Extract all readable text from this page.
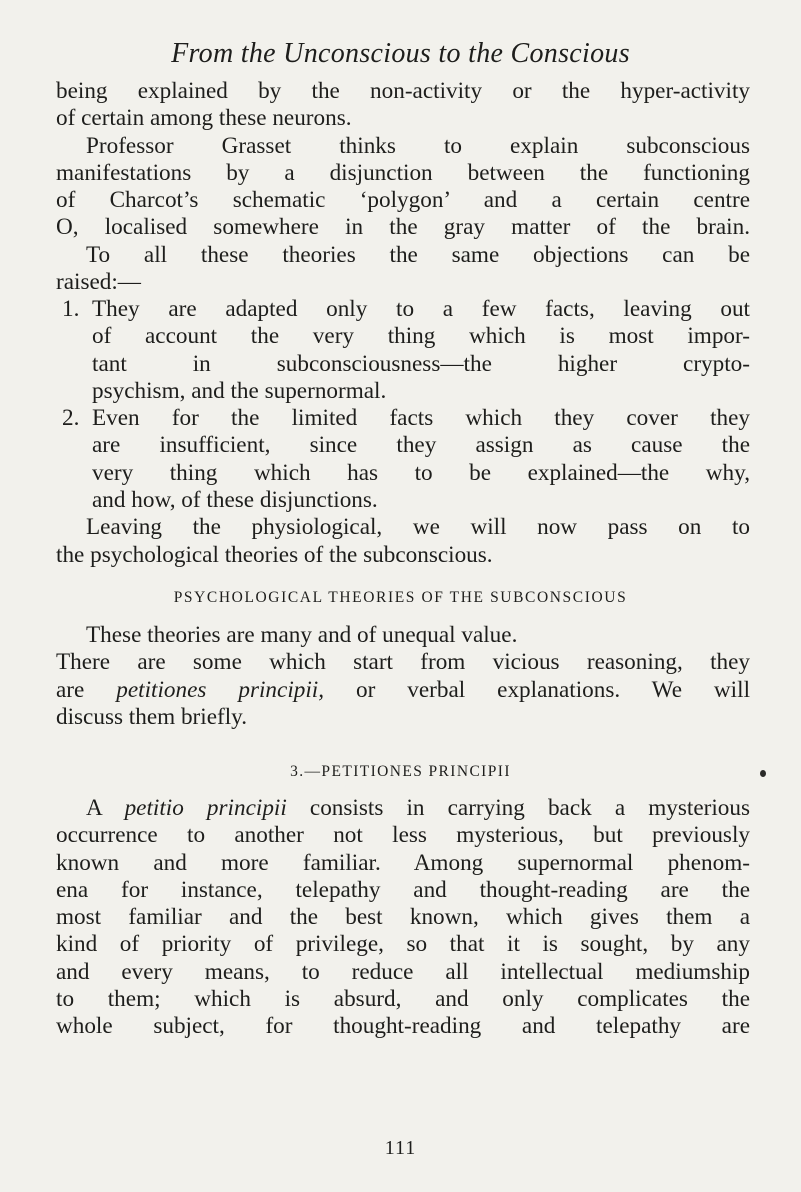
From the Unconscious to the Conscious
being explained by the non-activity or the hyper-activity
of certain among these neurons.
Professor Grasset thinks to explain subconscious
manifestations by a disjunction between the functioning
of Charcot’s schematic ‘polygon’ and a certain centre
O, localised somewhere in the gray matter of the brain.
To all these theories the same objections can be
raised:—
1. They are adapted only to a few facts, leaving out
of account the very thing which is most impor-
tant in subconsciousness—the higher crypto-
psychism, and the supernormal.
2. Even for the limited facts which they cover they
are insufficient, since they assign as cause the
very thing which has to be explained—the why,
and how, of these disjunctions.
Leaving the physiological, we will now pass on to
the psychological theories of the subconscious.
PSYCHOLOGICAL THEORIES OF THE SUBCONSCIOUS
These theories are many and of unequal value.
There are some which start from vicious reasoning, they
are petitiones principii, or verbal explanations. We will
discuss them briefly.
3.—PETITIONES PRINCIPII
A petitio principii consists in carrying back a mysterious
occurrence to another not less mysterious, but previously
known and more familiar. Among supernormal phenom-
ena for instance, telepathy and thought-reading are the
most familiar and the best known, which gives them a
kind of priority of privilege, so that it is sought, by any
and every means, to reduce all intellectual mediumship
to them; which is absurd, and only complicates the
whole subject, for thought-reading and telepathy are
111
